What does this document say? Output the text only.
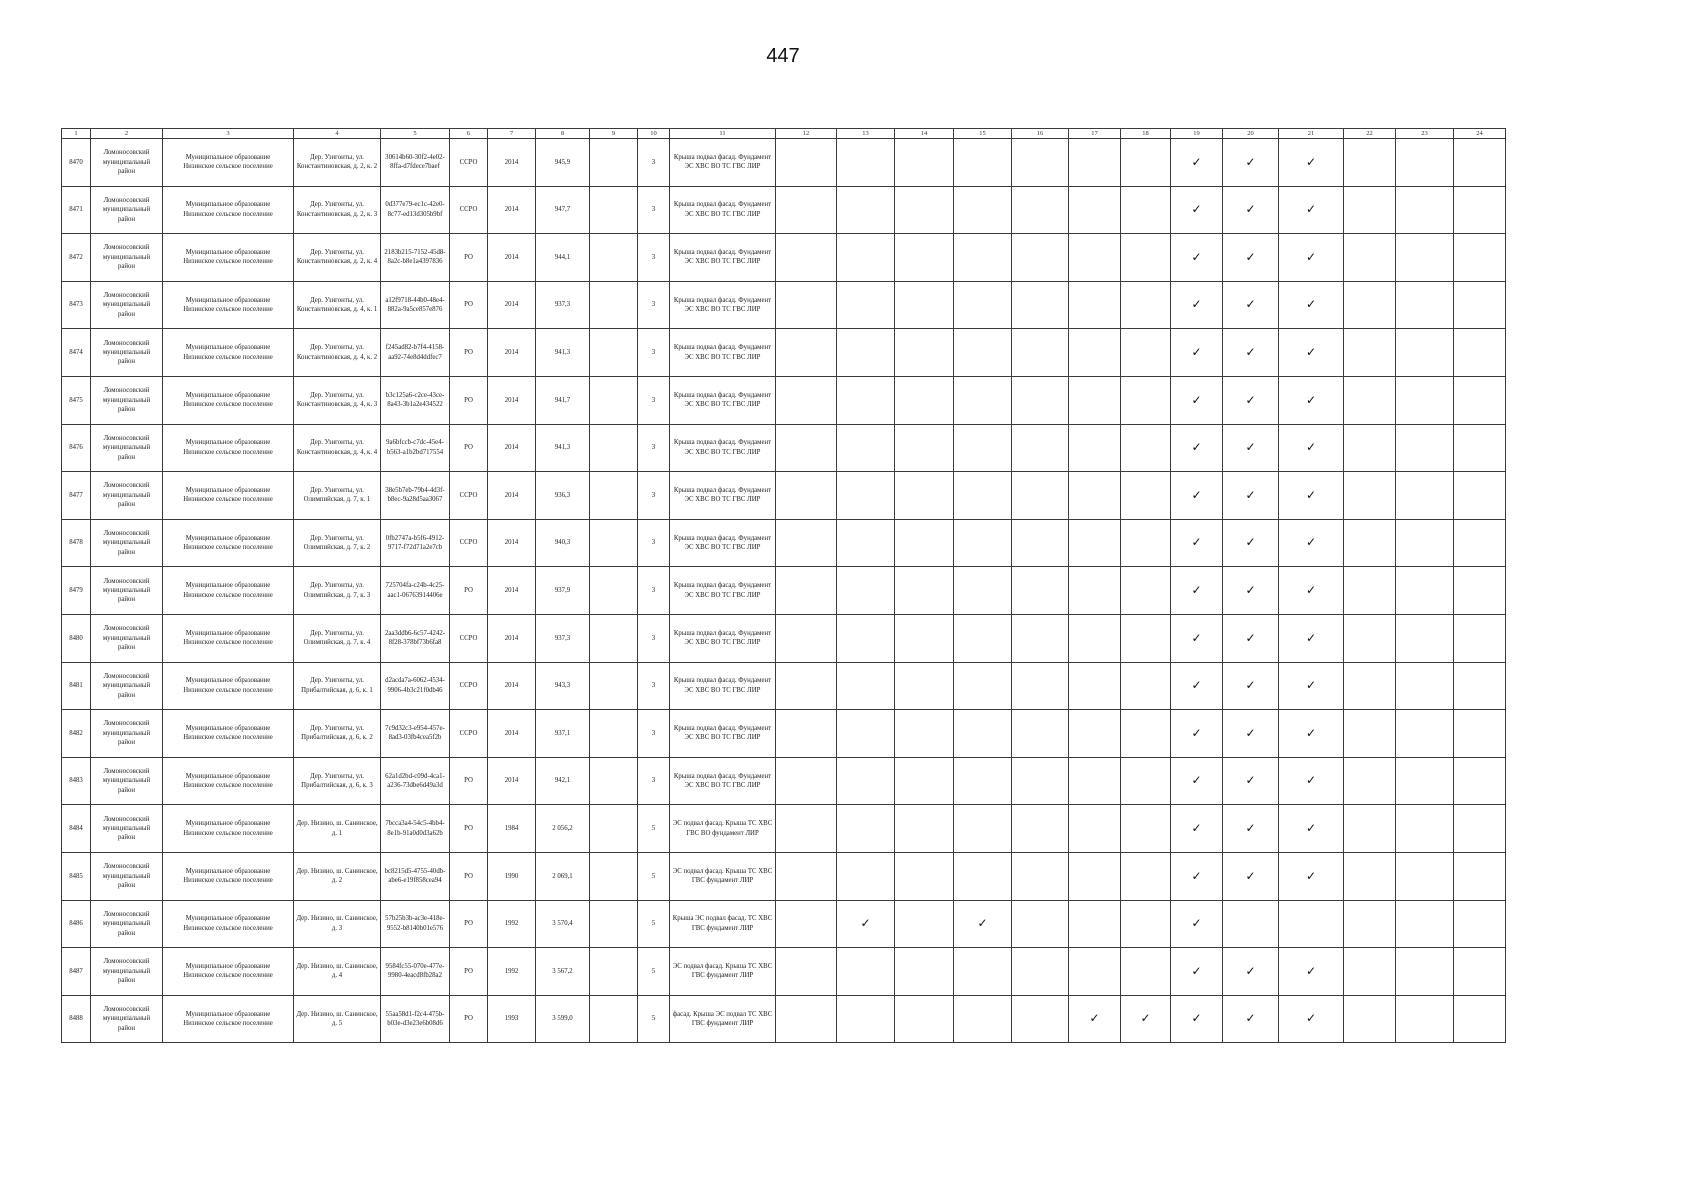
447
1	2	3	4	5	6	7	8	9	10	11	12	13	14	15	16	17	18	19	20	21	22	23	24
8470	Ломоносовский муниципальный район	Муниципальное образование Низинское сельское поселение	Дер. Узигонты, ул. Константиновская, д. 2, к. 2	30614b60-30f2-4e02-8ffa-d7fdece7baef	ССРО	2014	945,9		3	Крыша подвал фасад. Фундамент ЭС ХВС ВО ТС ГВС ЛИР								✓	✓	✓			
8471	Ломоносовский муниципальный район	Муниципальное образование Низинское сельское поселение	Дер. Узигонты, ул. Константиновская, д. 2, к. 3	0d377e79-ec1c-42e0-8c77-ed13d305b9bf	ССРО	2014	947,7		3	Крыша подвал фасад. Фундамент ЭС ХВС ВО ТС ГВС ЛИР								✓	✓	✓			
8472	Ломоносовский муниципальный район	Муниципальное образование Низинское сельское поселение	Дер. Узигонты, ул. Константиновская, д. 2, к. 4	2183b215-7152-45d8-8a2c-b8e1a4397836	РО	2014	944,1		3	Крыша подвал фасад. Фундамент ЭС ХВС ВО ТС ГВС ЛИР								✓	✓	✓			
8473	Ломоносовский муниципальный район	Муниципальное образование Низинское сельское поселение	Дер. Узигонты, ул. Константиновская, д. 4, к. 1	a12f9718-44b0-48e4-882a-9a5ce857e876	РО	2014	937,3		3	Крыша подвал фасад. Фундамент ЭС ХВС ВО ТС ГВС ЛИР								✓	✓	✓			
8474	Ломоносовский муниципальный район	Муниципальное образование Низинское сельское поселение	Дер. Узигонты, ул. Константиновская, д. 4, к. 2	f245ad82-b7f4-4158-aa92-74e8d4ddfec7	РО	2014	941,3		3	Крыша подвал фасад. Фундамент ЭС ХВС ВО ТС ГВС ЛИР								✓	✓	✓			
8475	Ломоносовский муниципальный район	Муниципальное образование Низинское сельское поселение	Дер. Узигонты, ул. Константиновская, д. 4, к. 3	b3c125a6-c2ce-43ce-8a43-3b1a2e434522	РО	2014	941,7		3	Крыша подвал фасад. Фундамент ЭС ХВС ВО ТС ГВС ЛИР								✓	✓	✓			
8476	Ломоносовский муниципальный район	Муниципальное образование Низинское сельское поселение	Дер. Узигонты, ул. Константиновская, д. 4, к. 4	9a6bfccb-c7dc-45e4-b563-a1b2bd717554	РО	2014	941,3		3	Крыша подвал фасад. Фундамент ЭС ХВС ВО ТС ГВС ЛИР								✓	✓	✓			
8477	Ломоносовский муниципальный район	Муниципальное образование Низинское сельское поселение	Дер. Узигонты, ул. Олимпийская, д. 7, к. 1	38e5b7eb-79b4-4d3f-b8ec-9a28d5aa3067	ССРО	2014	936,3		3	Крыша подвал фасад. Фундамент ЭС ХВС ВО ТС ГВС ЛИР								✓	✓	✓			
8478	Ломоносовский муниципальный район	Муниципальное образование Низинское сельское поселение	Дер. Узигонты, ул. Олимпийская, д. 7, к. 2	0fb2747a-b5f6-4912-9717-f72d71a2e7cb	ССРО	2014	940,3		3	Крыша подвал фасад. Фундамент ЭС ХВС ВО ТС ГВС ЛИР								✓	✓	✓			
8479	Ломоносовский муниципальный район	Муниципальное образование Низинское сельское поселение	Дер. Узигонты, ул. Олимпийская, д. 7, к. 3	725704fa-c24b-4c25-aac1-06763914406e	РО	2014	937,9		3	Крыша подвал фасад. Фундамент ЭС ХВС ВО ТС ГВС ЛИР								✓	✓	✓			
8480	Ломоносовский муниципальный район	Муниципальное образование Низинское сельское поселение	Дер. Узигонты, ул. Олимпийская, д. 7, к. 4	2aa3ddb6-6c57-4242-8f28-378bf73b6fa8	ССРО	2014	937,3		3	Крыша подвал фасад. Фундамент ЭС ХВС ВО ТС ГВС ЛИР								✓	✓	✓			
8481	Ломоносовский муниципальный район	Муниципальное образование Низинское сельское поселение	Дер. Узигонты, ул. Прибалтийская, д. 6, к. 1	d2acda7a-6062-4534-9906-4b3c21f0db46	ССРО	2014	943,3		3	Крыша подвал фасад. Фундамент ЭС ХВС ВО ТС ГВС ЛИР								✓	✓	✓			
8482	Ломоносовский муниципальный район	Муниципальное образование Низинское сельское поселение	Дер. Узигонты, ул. Прибалтийская, д. 6, к. 2	7c9d32c3-e954-457e-8ad3-03fb4cea5f2b	ССРО	2014	937,1		3	Крыша подвал фасад. Фундамент ЭС ХВС ВО ТС ГВС ЛИР								✓	✓	✓			
8483	Ломоносовский муниципальный район	Муниципальное образование Низинское сельское поселение	Дер. Узигонты, ул. Прибалтийская, д. 6, к. 3	62a1d2bd-c09d-4ca1-a236-73dbe6d49a3d	РО	2014	942,1		3	Крыша подвал фасад. Фундамент ЭС ХВС ВО ТС ГВС ЛИР								✓	✓	✓			
8484	Ломоносовский муниципальный район	Муниципальное образование Низинское сельское поселение	Дер. Низино, ш. Санинское, д. 1	7bcca3a4-54c5-4bb4-8e1b-91a0d0d3a62b	РО	1984	2 056,2		5	ЭС подвал фасад. Крыша ТС ХВС ГВС ВО фундамент ЛИР								✓	✓	✓			
8485	Ломоносовский муниципальный район	Муниципальное образование Низинское сельское поселение	Дер. Низино, ш. Санинское, д. 2	bc8215d5-4755-40db-abe6-e19f858cea94	РО	1990	2 069,1		5	ЭС подвал фасад. Крыша ТС ХВС ГВС фундамент ЛИР								✓	✓	✓			
8486	Ломоносовский муниципальный район	Муниципальное образование Низинское сельское поселение	Дер. Низино, ш. Санинское, д. 3	57b25b3b-ac3e-418e-9552-b8140b01e576	РО	1992	3 570,4		5	Крыша ЭС подвал фасад. ТС ХВС ГВС фундамент ЛИР		✓		✓				✓					
8487	Ломоносовский муниципальный район	Муниципальное образование Низинское сельское поселение	Дер. Низино, ш. Санинское, д. 4	9584fc55-070e-477e-9980-4eacd8fb28a2	РО	1992	3 567,2		5	ЭС подвал фасад. Крыша ТС ХВС ГВС фундамент ЛИР								✓	✓	✓			
8488	Ломоносовский муниципальный район	Муниципальное образование Низинское сельское поселение	Дер. Низино, ш. Санинское, д. 5	55aa58d1-f2c4-475b-b03e-d3e23e6b08d6	РО	1993	3 599,0		5	фасад. Крыша ЭС подвал ТС ХВС ГВС фундамент ЛИР						✓	✓	✓	✓	✓			
